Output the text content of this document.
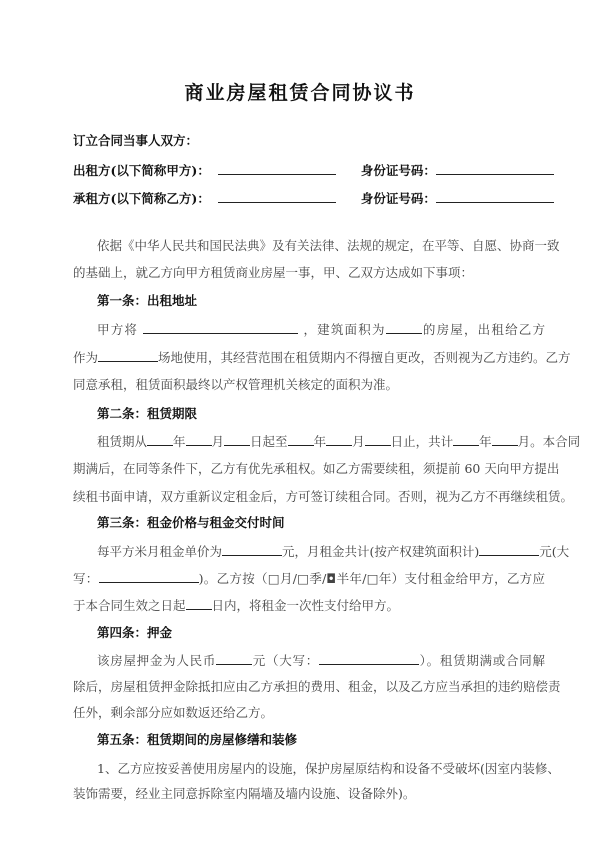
商业房屋租赁合同协议书
订立合同当事人双方：
出租方(以下简称甲方)：	　　身份证号码：
承租方(以下简称乙方)：	　　身份证号码：
依据《中华人民共和国民法典》及有关法律、法规的规定，在平等、自愿、协商一致
的基础上，就乙方向甲方租赁商业房屋一事，甲、乙双方达成如下事项：
第一条：出租地址
甲方将	，建筑面积为	的房屋，出租给乙方
作为	场地使用，其经营范围在租赁期内不得擅自更改，否则视为乙方违约。乙方
同意承租，租赁面积最终以产权管理机关核定的面积为准。
第二条：租赁期限
租赁期从 年 月 日起至 年 月 日止，共计 年 月。本合同
期满后，在同等条件下，乙方有优先承租权。如乙方需要续租，须提前 60 天向甲方提出
续租书面申请，双方重新议定租金后，方可签订续租合同。否则，视为乙方不再继续租赁。
第三条：租金价格与租金交付时间
每平方米月租金单价为	元，月租金共计(按产权建筑面积计)	元(大
写：	)。乙方按（□月/□季/◘半年/□年）支付租金给甲方，乙方应
于本合同生效之日起 日内，将租金一次性支付给甲方。
第四条：押金
该房屋押金为人民币	元（大写：	）。租赁期满或合同解
除后，房屋租赁押金除抵扣应由乙方承担的费用、租金，以及乙方应当承担的违约赔偿责
任外，剩余部分应如数返还给乙方。
第五条：租赁期间的房屋修缮和装修
1、乙方应按妥善使用房屋内的设施，保护房屋原结构和设备不受破坏(因室内装修、
装饰需要，经业主同意拆除室内隔墙及墙内设施、设备除外)。
